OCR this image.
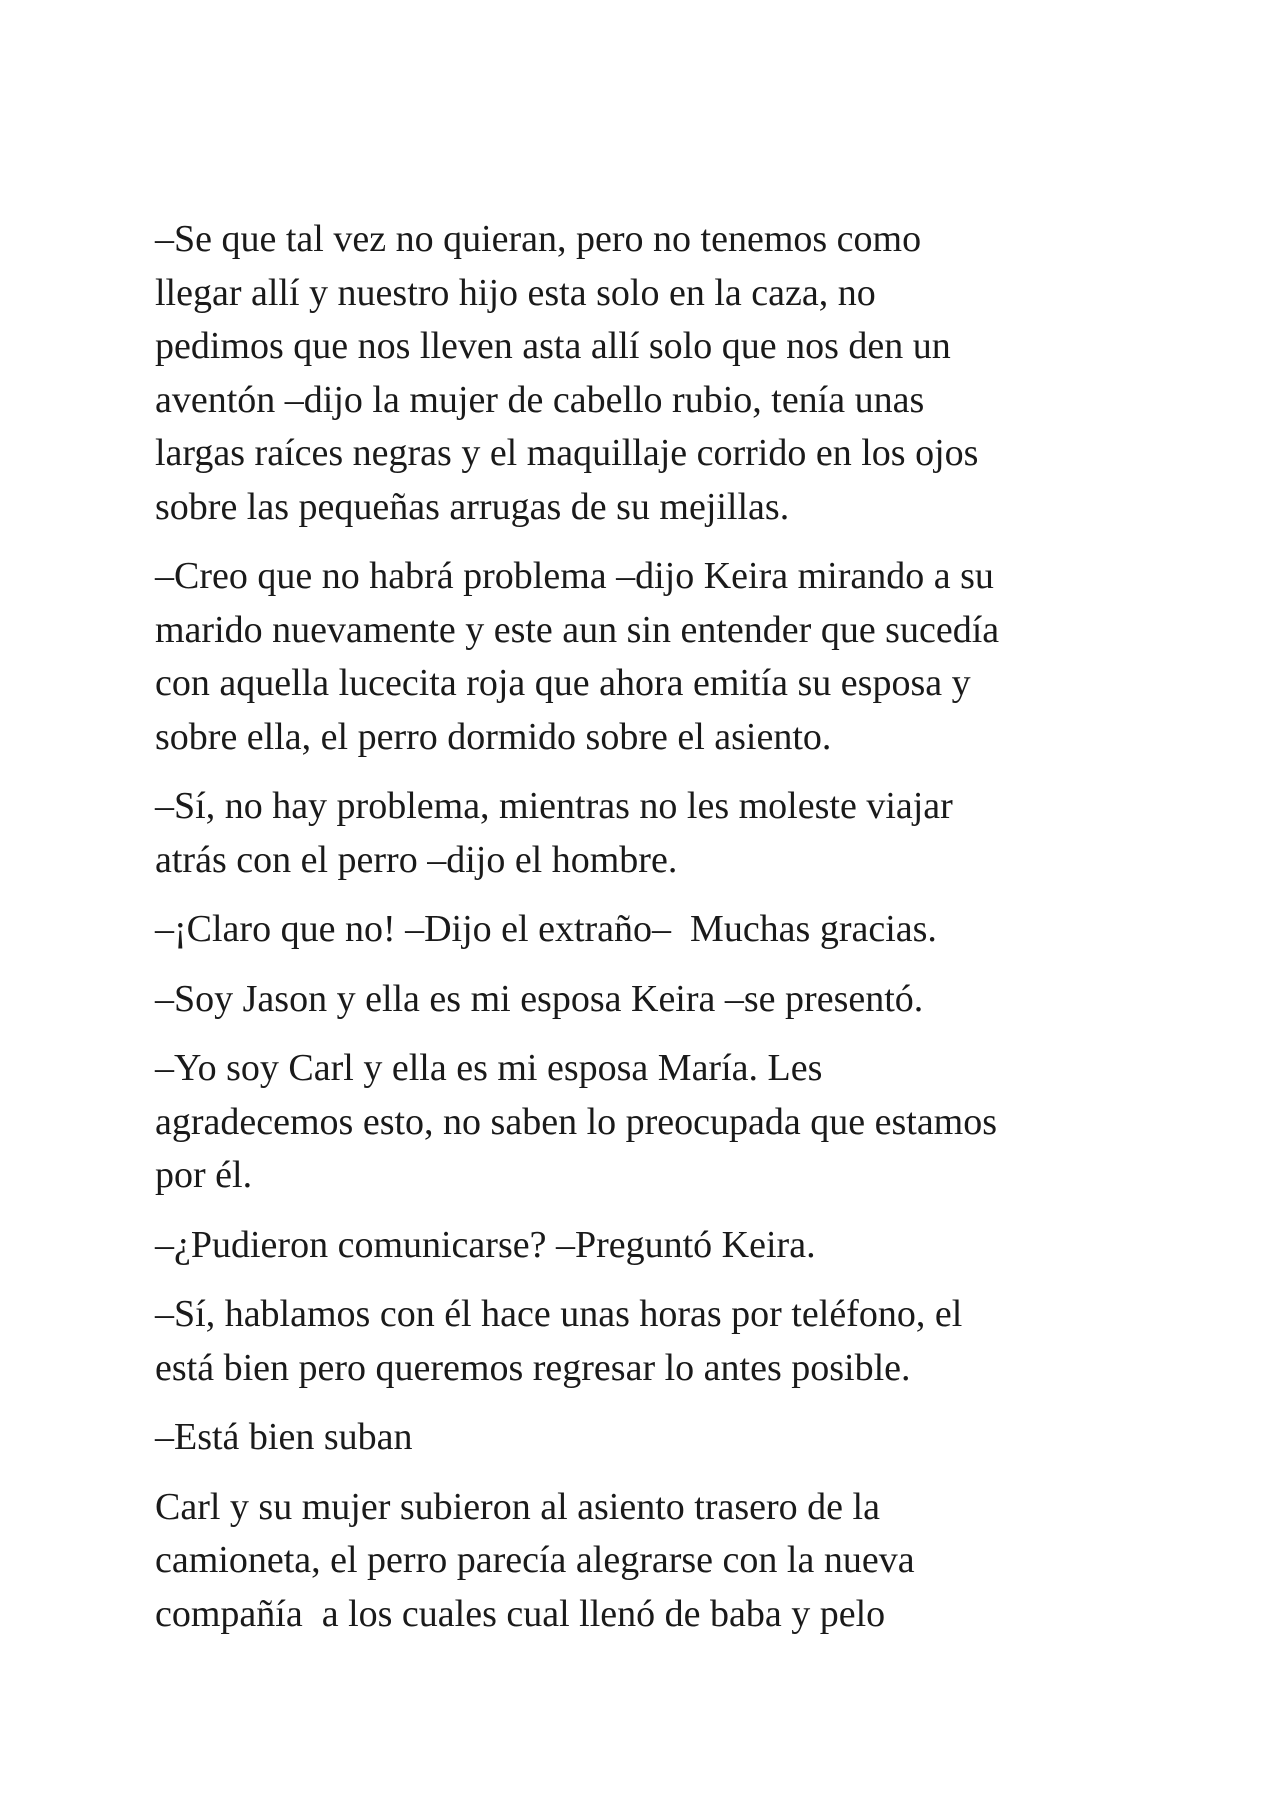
–Se que tal vez no quieran, pero no tenemos como
llegar allí y nuestro hijo esta solo en la caza, no
pedimos que nos lleven asta allí solo que nos den un
aventón –dijo la mujer de cabello rubio, tenía unas
largas raíces negras y el maquillaje corrido en los ojos
sobre las pequeñas arrugas de su mejillas.
–Creo que no habrá problema –dijo Keira mirando a su
marido nuevamente y este aun sin entender que sucedía
con aquella lucecita roja que ahora emitía su esposa y
sobre ella, el perro dormido sobre el asiento.
–Sí, no hay problema, mientras no les moleste viajar
atrás con el perro –dijo el hombre.
–¡Claro que no! –Dijo el extraño–  Muchas gracias.
–Soy Jason y ella es mi esposa Keira –se presentó.
–Yo soy Carl y ella es mi esposa María. Les
agradecemos esto, no saben lo preocupada que estamos
por él.
–¿Pudieron comunicarse? –Preguntó Keira.
–Sí, hablamos con él hace unas horas por teléfono, el
está bien pero queremos regresar lo antes posible.
–Está bien suban
Carl y su mujer subieron al asiento trasero de la
camioneta, el perro parecía alegrarse con la nueva
compañía  a los cuales cual llenó de baba y pelo
